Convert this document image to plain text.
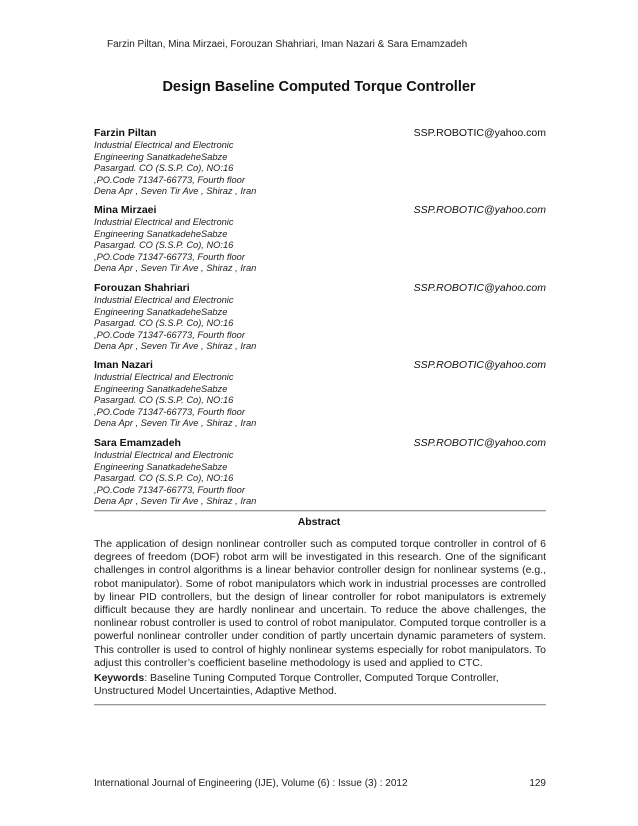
Farzin Piltan, Mina Mirzaei, Forouzan Shahriari, Iman Nazari & Sara Emamzadeh
Design Baseline Computed Torque Controller
Farzin Piltan	SSP.ROBOTIC@yahoo.com
Industrial Electrical and Electronic
Engineering SanatkadeheSabze
Pasargad. CO (S.S.P. Co), NO:16
,PO.Code 71347-66773, Fourth floor
Dena Apr , Seven Tir Ave , Shiraz , Iran
Mina Mirzaei	SSP.ROBOTIC@yahoo.com
Industrial Electrical and Electronic
Engineering SanatkadeheSabze
Pasargad. CO (S.S.P. Co), NO:16
,PO.Code 71347-66773, Fourth floor
Dena Apr , Seven Tir Ave , Shiraz , Iran
Forouzan Shahriari	SSP.ROBOTIC@yahoo.com
Industrial Electrical and Electronic
Engineering SanatkadeheSabze
Pasargad. CO (S.S.P. Co), NO:16
,PO.Code 71347-66773, Fourth floor
Dena Apr , Seven Tir Ave , Shiraz , Iran
Iman Nazari	SSP.ROBOTIC@yahoo.com
Industrial Electrical and Electronic
Engineering SanatkadeheSabze
Pasargad. CO (S.S.P. Co), NO:16
,PO.Code 71347-66773, Fourth floor
Dena Apr , Seven Tir Ave , Shiraz , Iran
Sara Emamzadeh	SSP.ROBOTIC@yahoo.com
Industrial Electrical and Electronic
Engineering SanatkadeheSabze
Pasargad. CO (S.S.P. Co), NO:16
,PO.Code 71347-66773, Fourth floor
Dena Apr , Seven Tir Ave , Shiraz , Iran
Abstract
The application of design nonlinear controller such as computed torque controller in control of 6 degrees of freedom (DOF) robot arm will be investigated in this research. One of the significant challenges in control algorithms is a linear behavior controller design for nonlinear systems (e.g., robot manipulator). Some of robot manipulators which work in industrial processes are controlled by linear PID controllers, but the design of linear controller for robot manipulators is extremely difficult because they are hardly nonlinear and uncertain. To reduce the above challenges, the nonlinear robust controller is used to control of robot manipulator. Computed torque controller is a powerful nonlinear controller under condition of partly uncertain dynamic parameters of system. This controller is used to control of highly nonlinear systems especially for robot manipulators. To adjust this controller’s coefficient baseline methodology is used and applied to CTC.
Keywords: Baseline Tuning Computed Torque Controller, Computed Torque Controller, Unstructured Model Uncertainties, Adaptive Method.
International Journal of Engineering (IJE), Volume (6) : Issue (3) : 2012	129
